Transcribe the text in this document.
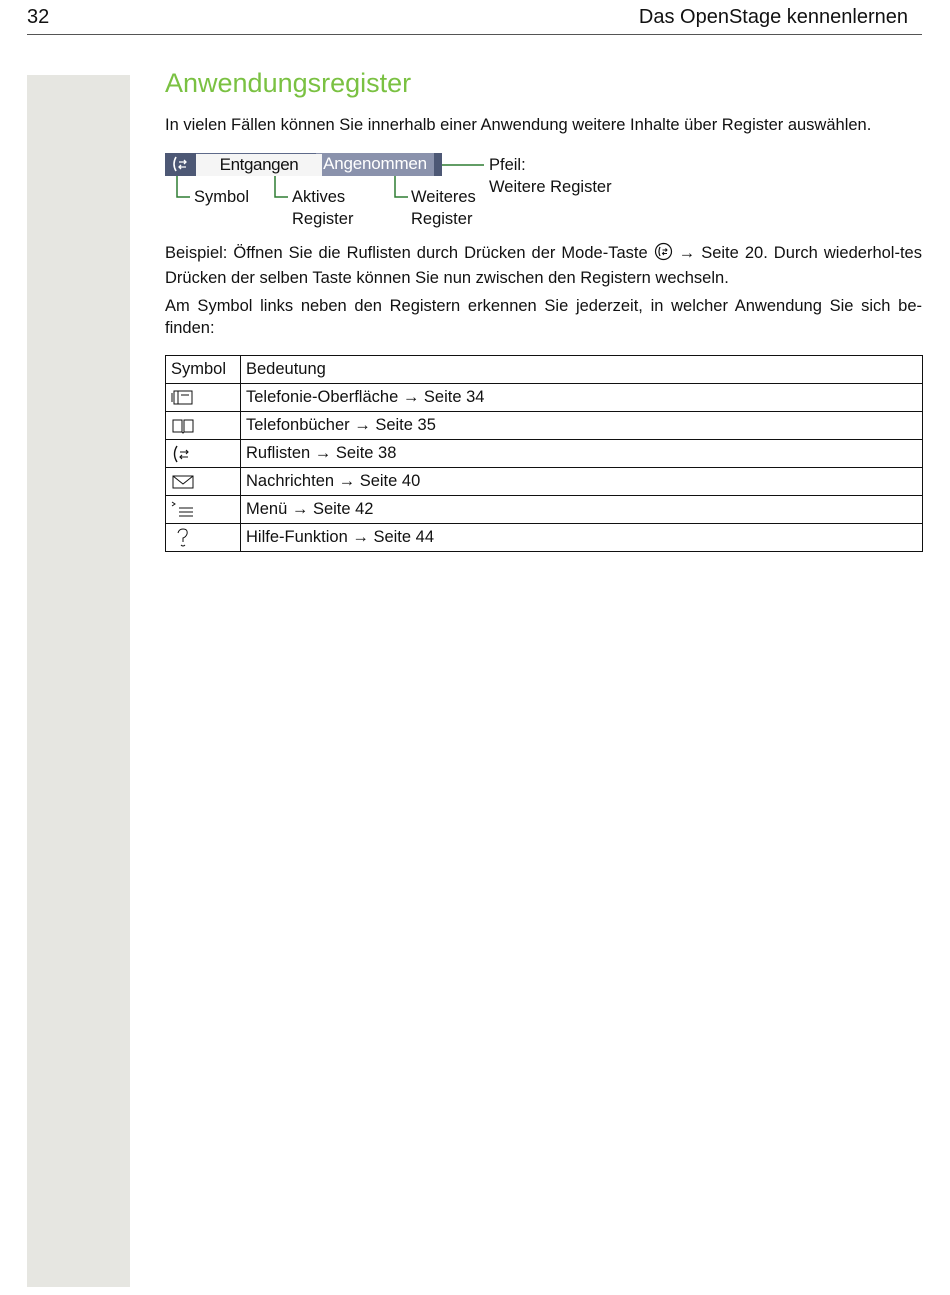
32	Das OpenStage kennenlernen
Anwendungsregister

In vielen Fällen können Sie innerhalb einer Anwendung weitere Inhalte über Register auswählen.

Angenommen
Entgangen
Symbol	Aktives
Register
Weiteres
Register
Pfeil:
Weitere Register

Beispiel: Öffnen Sie die Ruflisten durch Drücken der Mode-Taste  → Seite 20. Durch wiederhol-tes Drücken der selben Taste können Sie nun zwischen den Registern wechseln.

Am Symbol links neben den Registern erkennen Sie jederzeit, in welcher Anwendung Sie sich be-finden:

Symbol	Bedeutung

	Telefonie-Oberfläche → Seite 34

	Telefonbücher → Seite 35

	Ruflisten → Seite 38

	Nachrichten → Seite 40

	Menü → Seite 42

	Hilfe-Funktion → Seite 44
